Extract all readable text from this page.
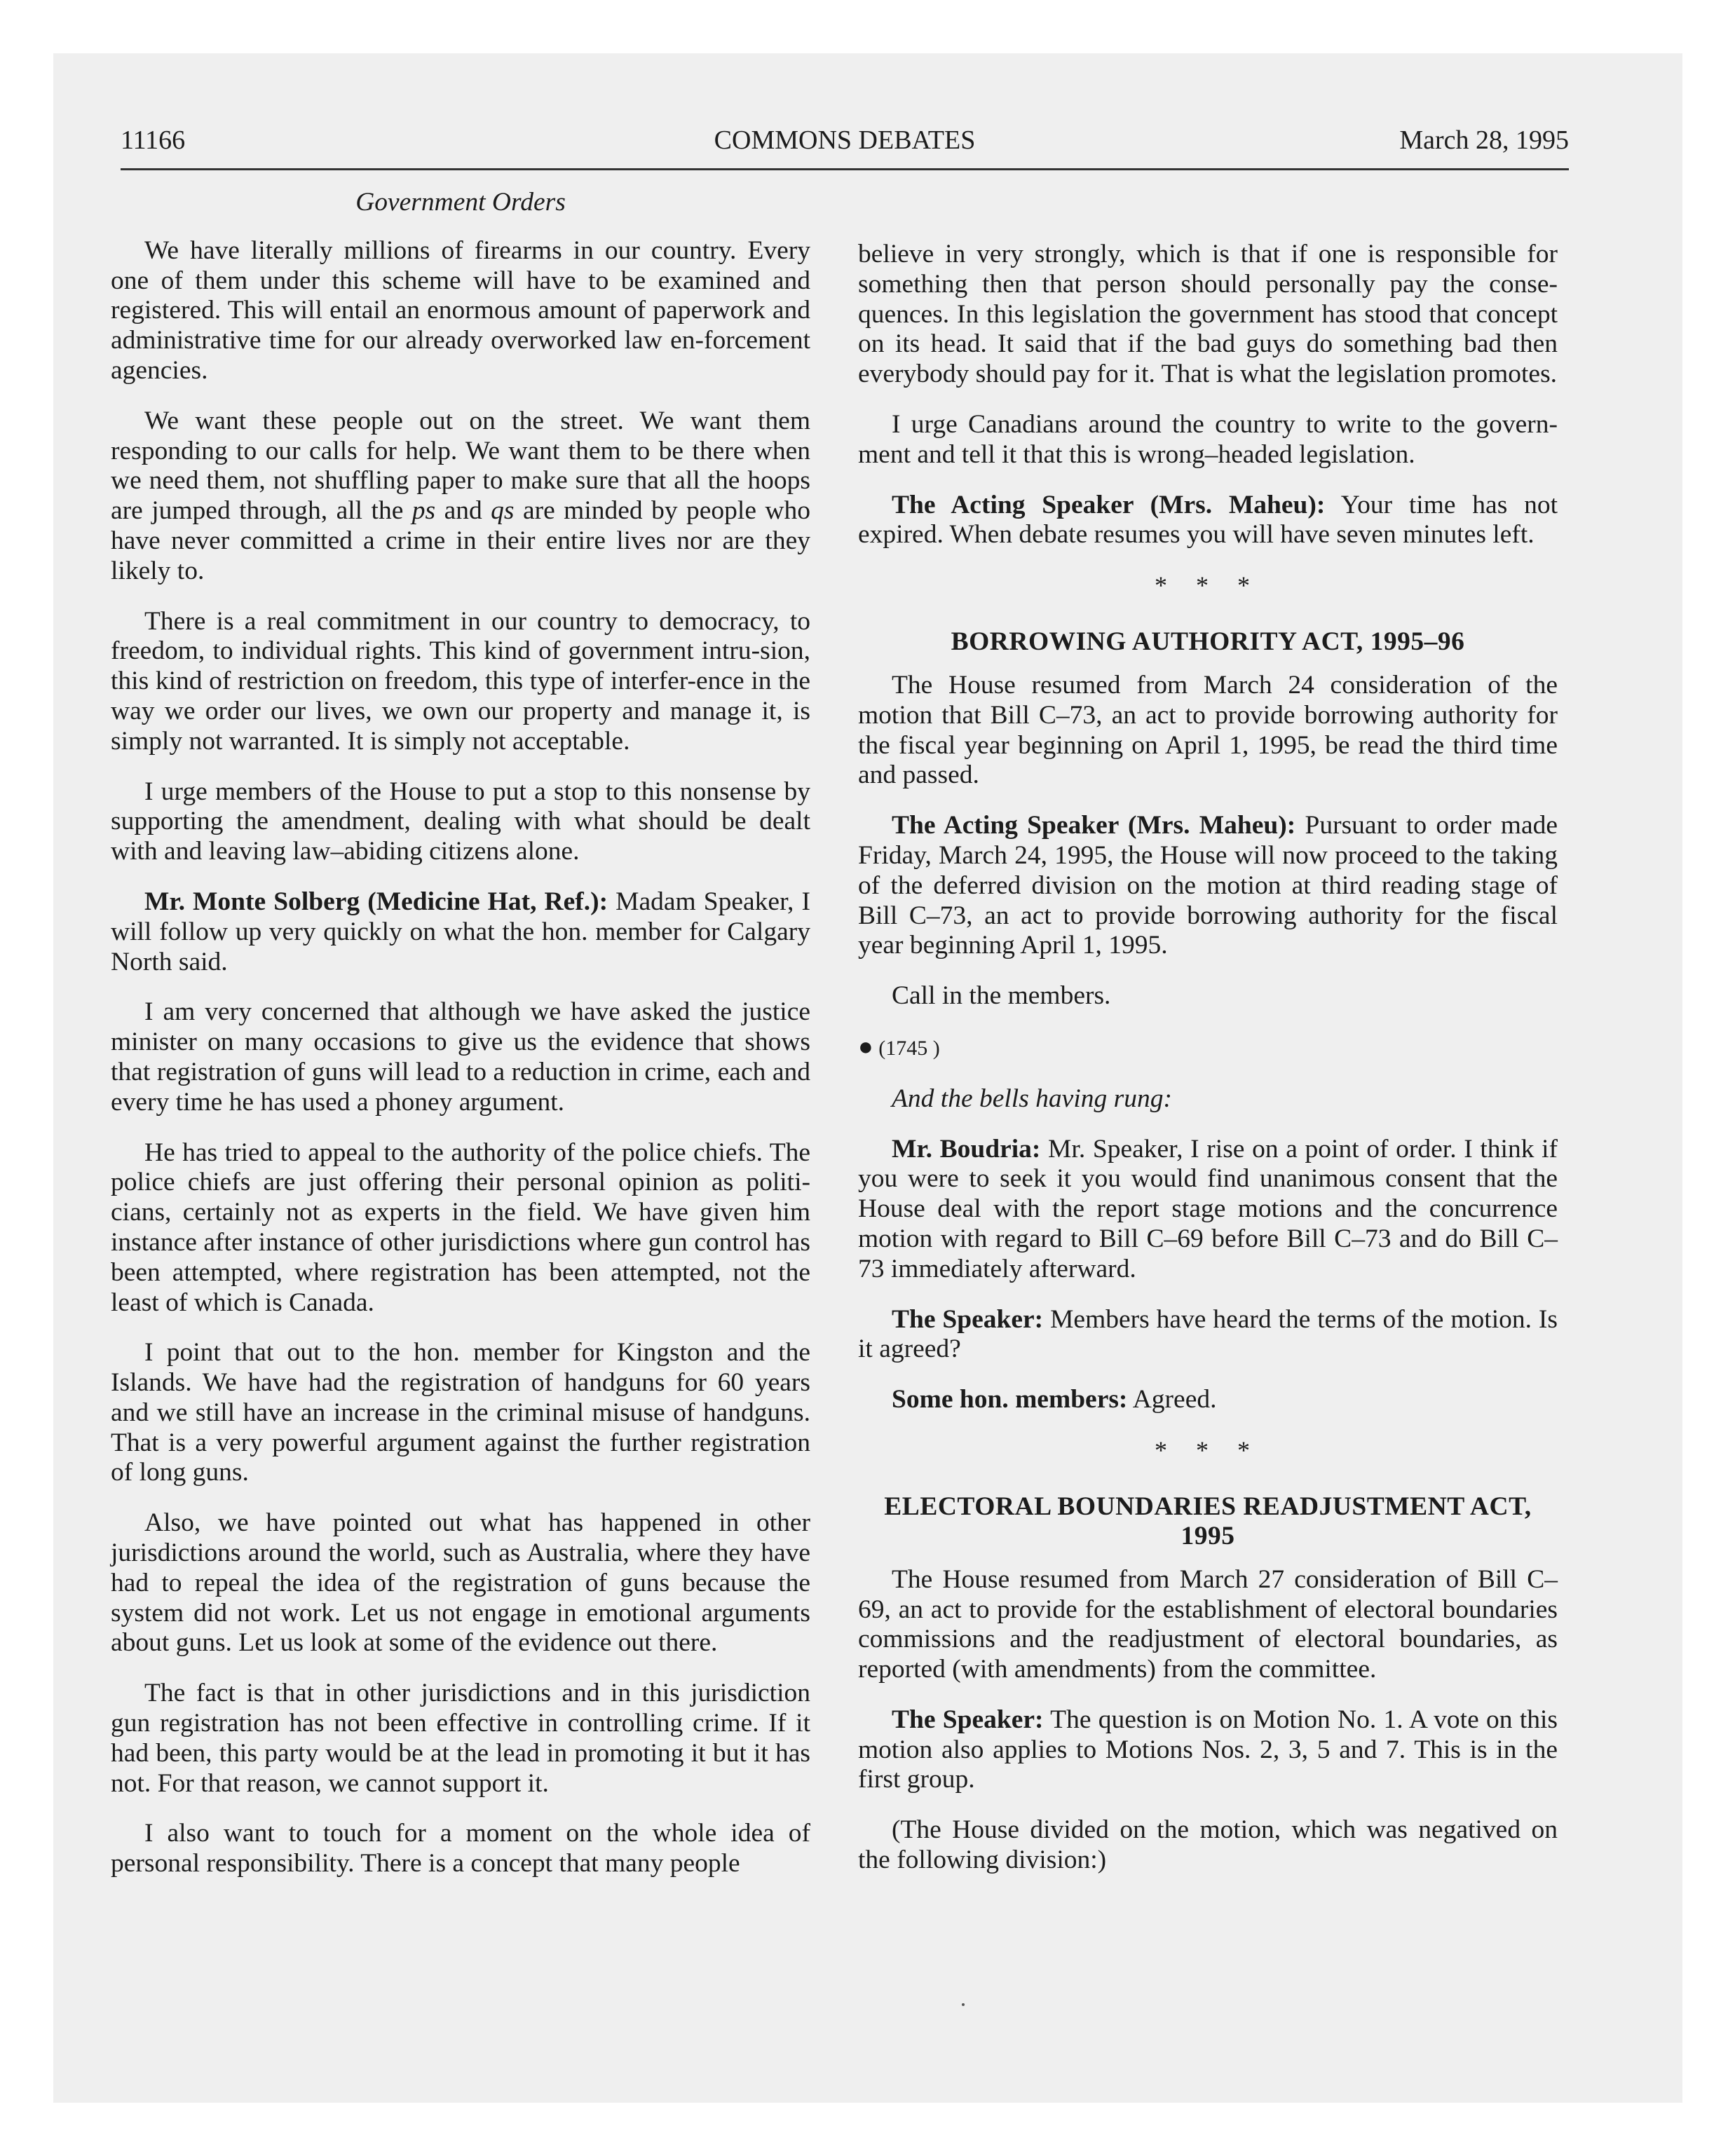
11166	COMMONS DEBATES	March 28, 1995
Government Orders

We have literally millions of firearms in our country. Every one of them under this scheme will have to be examined and registered. This will entail an enormous amount of paperwork and administrative time for our already overworked law en-forcement agencies.

We want these people out on the street. We want them responding to our calls for help. We want them to be there when we need them, not shuffling paper to make sure that all the hoops are jumped through, all the ps and qs are minded by people who have never committed a crime in their entire lives nor are they likely to.

There is a real commitment in our country to democracy, to freedom, to individual rights. This kind of government intru-sion, this kind of restriction on freedom, this type of interfer-ence in the way we order our lives, we own our property and manage it, is simply not warranted. It is simply not acceptable.

I urge members of the House to put a stop to this nonsense by supporting the amendment, dealing with what should be dealt with and leaving law–abiding citizens alone.

Mr. Monte Solberg (Medicine Hat, Ref.): Madam Speaker, I will follow up very quickly on what the hon. member for Calgary North said.

I am very concerned that although we have asked the justice minister on many occasions to give us the evidence that shows that registration of guns will lead to a reduction in crime, each and every time he has used a phoney argument.

He has tried to appeal to the authority of the police chiefs. The police chiefs are just offering their personal opinion as politi-cians, certainly not as experts in the field. We have given him instance after instance of other jurisdictions where gun control has been attempted, where registration has been attempted, not the least of which is Canada.

I point that out to the hon. member for Kingston and the Islands. We have had the registration of handguns for 60 years and we still have an increase in the criminal misuse of handguns. That is a very powerful argument against the further registration of long guns.

Also, we have pointed out what has happened in other jurisdictions around the world, such as Australia, where they have had to repeal the idea of the registration of guns because the system did not work. Let us not engage in emotional arguments about guns. Let us look at some of the evidence out there.

The fact is that in other jurisdictions and in this jurisdiction gun registration has not been effective in controlling crime. If it had been, this party would be at the lead in promoting it but it has not. For that reason, we cannot support it.

I also want to touch for a moment on the whole idea of personal responsibility. There is a concept that many people

believe in very strongly, which is that if one is responsible for something then that person should personally pay the conse-quences. In this legislation the government has stood that concept on its head. It said that if the bad guys do something bad then everybody should pay for it. That is what the legislation promotes.

I urge Canadians around the country to write to the govern-ment and tell it that this is wrong–headed legislation.

The Acting Speaker (Mrs. Maheu): Your time has not expired. When debate resumes you will have seven minutes left.

* * *
BORROWING AUTHORITY ACT, 1995–96

The House resumed from March 24 consideration of the motion that Bill C–73, an act to provide borrowing authority for the fiscal year beginning on April 1, 1995, be read the third time and passed.

The Acting Speaker (Mrs. Maheu): Pursuant to order made Friday, March 24, 1995, the House will now proceed to the taking of the deferred division on the motion at third reading stage of Bill C–73, an act to provide borrowing authority for the fiscal year beginning April 1, 1995.

Call in the members.

● (1745 )

And the bells having rung:

Mr. Boudria: Mr. Speaker, I rise on a point of order. I think if you were to seek it you would find unanimous consent that the House deal with the report stage motions and the concurrence motion with regard to Bill C–69 before Bill C–73 and do Bill C–73 immediately afterward.

The Speaker: Members have heard the terms of the motion. Is it agreed?

Some hon. members: Agreed.

* * *
ELECTORAL BOUNDARIES READJUSTMENT ACT, 1995

The House resumed from March 27 consideration of Bill C–69, an act to provide for the establishment of electoral boundaries commissions and the readjustment of electoral boundaries, as reported (with amendments) from the committee.

The Speaker: The question is on Motion No. 1. A vote on this motion also applies to Motions Nos. 2, 3, 5 and 7. This is in the first group.

(The House divided on the motion, which was negatived on the following division:)
